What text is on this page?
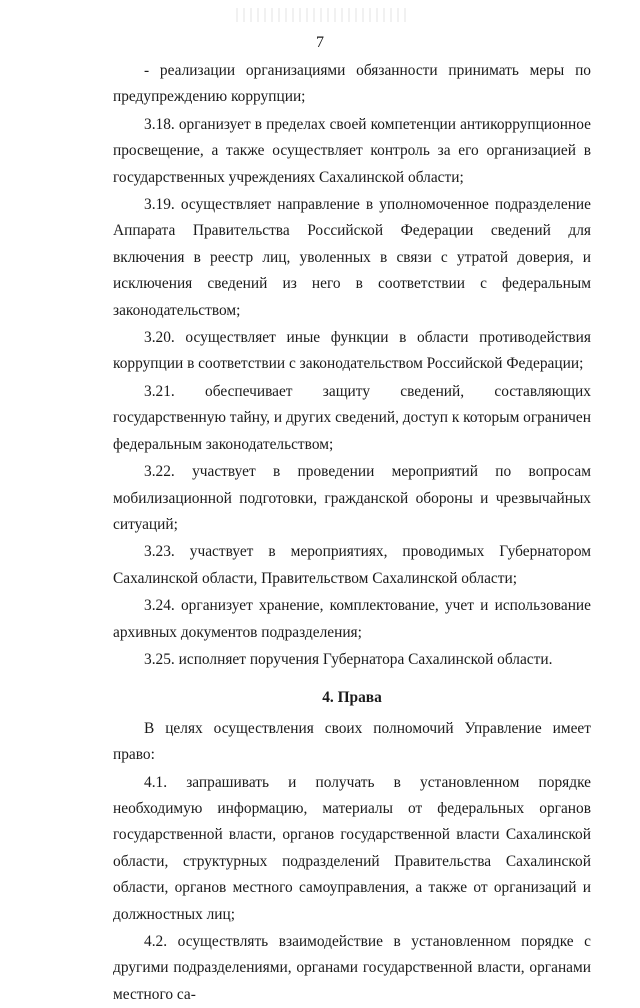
7

- реализации организациями обязанности принимать меры по предупреждению коррупции;

3.18. организует в пределах своей компетенции антикоррупционное просвещение, а также осуществляет контроль за его организацией в государственных учреждениях Сахалинской области;

3.19. осуществляет направление в уполномоченное подразделение Аппарата Правительства Российской Федерации сведений для включения в реестр лиц, уволенных в связи с утратой доверия, и исключения сведений из него в соответствии с федеральным законодательством;

3.20. осуществляет иные функции в области противодействия коррупции в соответствии с законодательством Российской Федерации;

3.21. обеспечивает защиту сведений, составляющих государственную тайну, и других сведений, доступ к которым ограничен федеральным законодательством;

3.22. участвует в проведении мероприятий по вопросам мобилизационной подготовки, гражданской обороны и чрезвычайных ситуаций;

3.23. участвует в мероприятиях, проводимых Губернатором Сахалинской области, Правительством Сахалинской области;

3.24. организует хранение, комплектование, учет и использование архивных документов подразделения;

3.25. исполняет поручения Губернатора Сахалинской области.

4. Права

В целях осуществления своих полномочий Управление имеет право:

4.1. запрашивать и получать в установленном порядке необходимую информацию, материалы от федеральных органов государственной власти, органов государственной власти Сахалинской области, структурных подразделений Правительства Сахалинской области, органов местного самоуправления, а также от организаций и должностных лиц;

4.2. осуществлять взаимодействие в установленном порядке с другими подразделениями, органами государственной власти, органами местного са-
